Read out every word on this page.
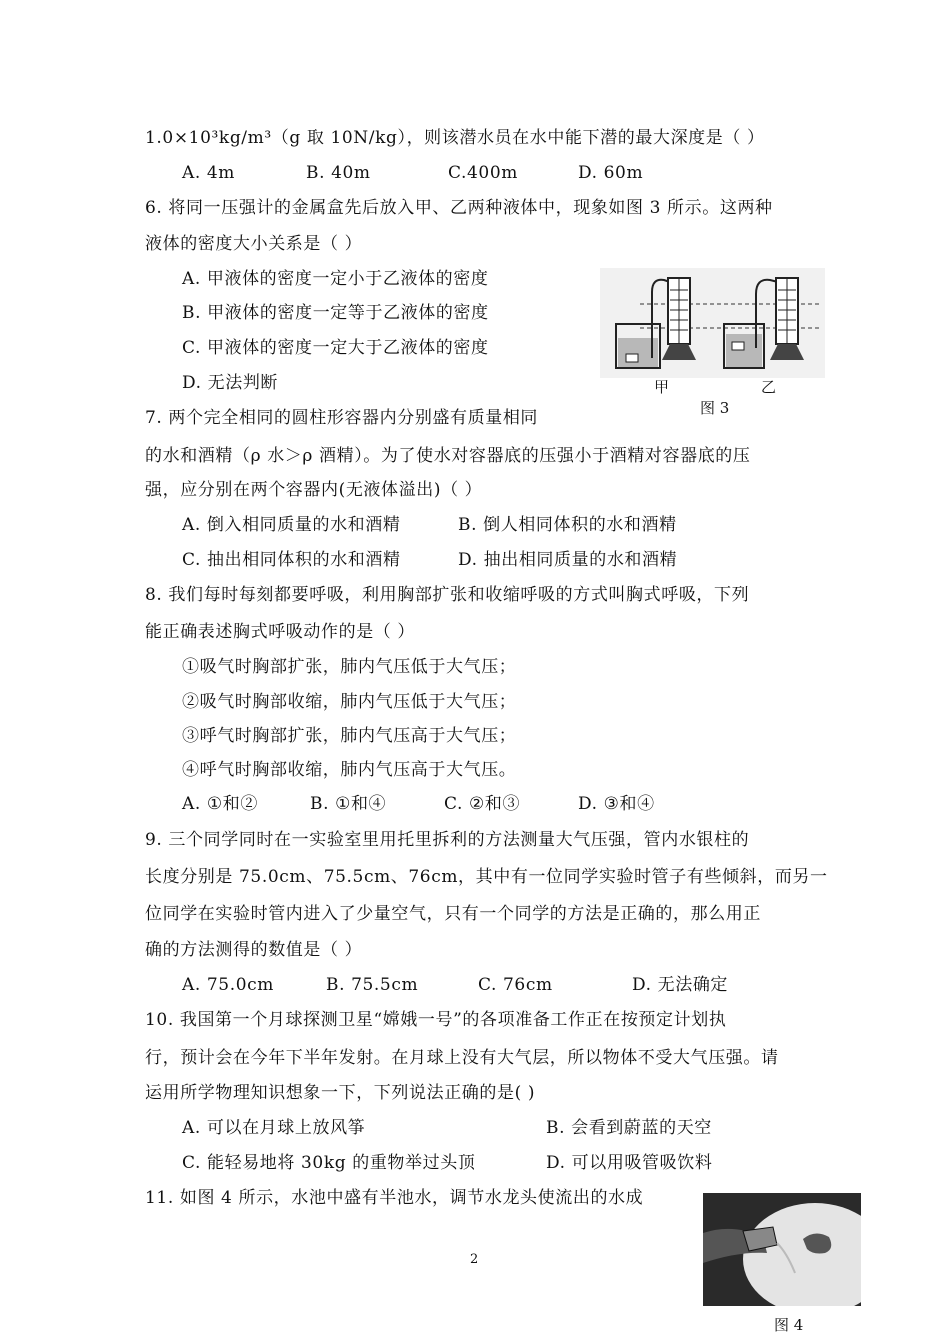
1.0×10³kg/m³（g 取 10N/kg），则该潜水员在水中能下潜的最大深度是（ ）
A. 4m	B. 40m	C.400m	D. 60m
6. 将同一压强计的金属盒先后放入甲、乙两种液体中，现象如图 3 所示。这两种
液体的密度大小关系是（ ）
A. 甲液体的密度一定小于乙液体的密度
B. 甲液体的密度一定等于乙液体的密度
C. 甲液体的密度一定大于乙液体的密度
D. 无法判断	甲	乙
图 3
7. 两个完全相同的圆柱形容器内分别盛有质量相同
的水和酒精（ρ 水＞ρ 酒精）。为了使水对容器底的压强小于酒精对容器底的压
强，应分别在两个容器内(无液体溢出)（ ）
A. 倒入相同质量的水和酒精	B. 倒人相同体积的水和酒精
C. 抽出相同体积的水和酒精	D. 抽出相同质量的水和酒精
8. 我们每时每刻都要呼吸，利用胸部扩张和收缩呼吸的方式叫胸式呼吸，下列
能正确表述胸式呼吸动作的是（ ）
①吸气时胸部扩张，肺内气压低于大气压；
②吸气时胸部收缩，肺内气压低于大气压；
③呼气时胸部扩张，肺内气压高于大气压；
④呼气时胸部收缩，肺内气压高于大气压。
A. ①和②	B. ①和④	C. ②和③	D. ③和④
9. 三个同学同时在一实验室里用托里拆利的方法测量大气压强，管内水银柱的
长度分别是 75.0cm、75.5cm、76cm，其中有一位同学实验时管子有些倾斜，而另一
位同学在实验时管内进入了少量空气，只有一个同学的方法是正确的，那么用正
确的方法测得的数值是（ ）
A. 75.0cm	B. 75.5cm	C. 76cm	D. 无法确定
10. 我国第一个月球探测卫星“嫦娥一号”的各项准备工作正在按预定计划执
行，预计会在今年下半年发射。在月球上没有大气层，所以物体不受大气压强。请
运用所学物理知识想象一下，下列说法正确的是( )
A. 可以在月球上放风筝	B. 会看到蔚蓝的天空
C. 能轻易地将 30kg 的重物举过头顶	D. 可以用吸管吸饮料
11. 如图 4 所示，水池中盛有半池水，调节水龙头使流出的水成
图 4
2
